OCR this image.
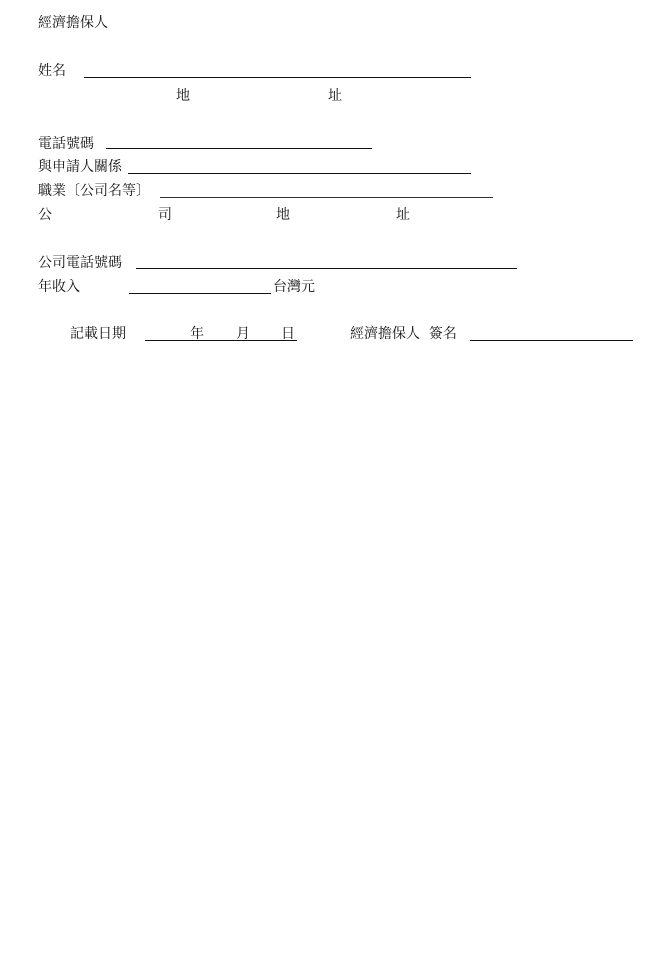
經濟擔保人
姓名
地	址
電話號碼
與申請人關係
職業〔公司名等〕
公	司	地	址
公司電話號碼
年收入	台灣元
記載日期	年 月 日	經濟擔保人  簽名
